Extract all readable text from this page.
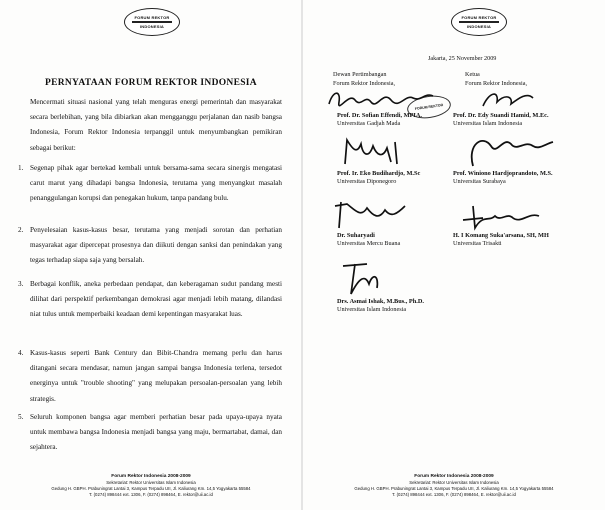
FORUM REKTOR
INDONESIA
PERNYATAAN FORUM REKTOR INDONESIA
Mencermati situasi nasional yang telah menguras energi pemerintah dan masyarakat secara berlebihan, yang bila dibiarkan akan mengganggu perjalanan dan nasib bangsa Indonesia, Forum Rektor Indonesia terpanggil untuk menyumbangkan pemikiran sebagai berikut:
1. Segenap pihak agar bertekad kembali untuk bersama-sama secara sinergis mengatasi carut marut yang dihadapi bangsa Indonesia, terutama yang menyangkut masalah penanggulangan korupsi dan penegakan hukum, tanpa pandang bulu.
2. Penyelesaian kasus-kasus besar, terutama yang menjadi sorotan dan perhatian masyarakat agar dipercepat prosesnya dan diikuti dengan sanksi dan penindakan yang tegas terhadap siapa saja yang bersalah.
3. Berbagai konflik, aneka perbedaan pendapat, dan keberagaman sudut pandang mesti dilihat dari perspektif perkembangan demokrasi agar menjadi lebih matang, dilandasi niat tulus untuk memperbaiki keadaan demi kepentingan masyarakat luas.
4. Kasus-kasus seperti Bank Century dan Bibit-Chandra memang perlu dan harus ditangani secara mendasar, namun jangan sampai bangsa Indonesia terlena, tersedot energinya untuk "trouble shooting" yang melupakan persoalan-persoalan yang lebih strategis.
5. Seluruh komponen bangsa agar memberi perhatian besar pada upaya-upaya nyata untuk membawa bangsa Indonesia menjadi bangsa yang maju, bermartabat, damai, dan sejahtera.
Forum Rektor Indonesia 2008-2009
Sekretariat: Rektor Universitas Islam Indonesia
Gedung H. GBPH. Prabuningrat Lantai 3, Kampus Terpadu UII, Jl. Kaliurang Km. 14,5 Yogyakarta 55584
T. (0274) 898444 ext. 1306, F. (0274) 898464, E. rektor@uii.ac.id
FORUM REKTOR
INDONESIA
Jakarta, 25 November 2009
Dewan Pertimbangan
Forum Rektor Indonesia,
Ketua
Forum Rektor Indonesia,
FORUM REKTOR
Prof. Dr. Sofian Effendi, MPIA.
Universitas Gadjah Mada
Prof. Dr. Edy Suandi Hamid, M.Ec.
Universitas Islam Indonesia
Prof. Ir. Eko Budihardjo, M.Sc
Universitas Diponegoro
Prof. Winiono Hardjoprandoto, M.S.
Universitas Surabaya
Dr. Suharyadi
Universitas Mercu Buana
H. I Komang Suka'arsana, SH, MH
Universitas Trisakti
Drs. Asmai Ishak, M.Bus., Ph.D.
Universitas Islam Indonesia
Forum Rektor Indonesia 2008-2009
Sekretariat: Rektor Universitas Islam Indonesia
Gedung H. GBPH. Prabuningrat Lantai 3, Kampus Terpadu UII, Jl. Kaliurang Km. 14,5 Yogyakarta 55584
T. (0274) 898444 ext. 1306, F. (0274) 898464, E. rektor@uii.ac.id
